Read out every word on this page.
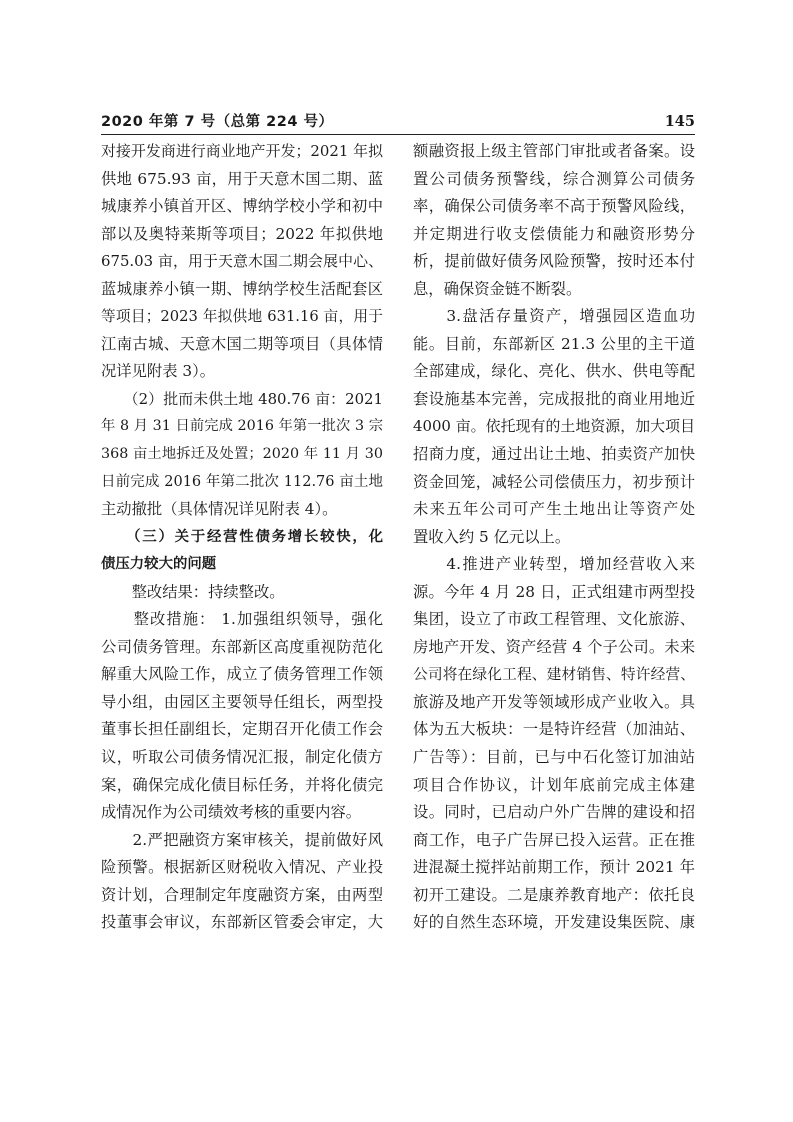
2020 年第 7 号（总第 224 号）	145

对接开发商进行商业地产开发；2021 年拟

供地 675.93 亩，用于天意木国二期、蓝

城康养小镇首开区、博纳学校小学和初中

部以及奥特莱斯等项目；2022 年拟供地

675.03 亩，用于天意木国二期会展中心、

蓝城康养小镇一期、博纳学校生活配套区

等项目；2023 年拟供地 631.16 亩，用于

江南古城、天意木国二期等项目（具体情

况详见附表 3）。

　　（2）批而未供土地 480.76 亩：2021

年 8 月 31 日前完成 2016 年第一批次 3 宗

368 亩土地拆迁及处置；2020 年 11 月 30

日前完成 2016 年第二批次 112.76 亩土地

主动撤批（具体情况详见附表 4）。

　　（三）关于经营性债务增长较快，化

债压力较大的问题

　　整改结果：持续整改。

　　整改措施： 1.加强组织领导，强化

公司债务管理。东部新区高度重视防范化

解重大风险工作，成立了债务管理工作领

导小组，由园区主要领导任组长，两型投

董事长担任副组长，定期召开化债工作会

议，听取公司债务情况汇报，制定化债方

案，确保完成化债目标任务，并将化债完

成情况作为公司绩效考核的重要内容。

　　2.严把融资方案审核关，提前做好风

险预警。根据新区财税收入情况、产业投

资计划，合理制定年度融资方案，由两型

投董事会审议，东部新区管委会审定，大

额融资报上级主管部门审批或者备案。设

置公司债务预警线，综合测算公司债务

率，确保公司债务率不高于预警风险线，

并定期进行收支偿债能力和融资形势分

析，提前做好债务风险预警，按时还本付

息，确保资金链不断裂。

　　3.盘活存量资产，增强园区造血功

能。目前，东部新区 21.3 公里的主干道

全部建成，绿化、亮化、供水、供电等配

套设施基本完善，完成报批的商业用地近

4000 亩。依托现有的土地资源，加大项目

招商力度，通过出让土地、拍卖资产加快

资金回笼，减轻公司偿债压力，初步预计

未来五年公司可产生土地出让等资产处

置收入约 5 亿元以上。

　　4.推进产业转型，增加经营收入来

源。今年 4 月 28 日，正式组建市两型投

集团，设立了市政工程管理、文化旅游、

房地产开发、资产经营 4 个子公司。未来

公司将在绿化工程、建材销售、特许经营、

旅游及地产开发等领域形成产业收入。具

体为五大板块：一是特许经营（加油站、

广告等）：目前，已与中石化签订加油站

项目合作协议，计划年底前完成主体建

设。同时，已启动户外广告牌的建设和招

商工作，电子广告屏已投入运营。正在推

进混凝土搅拌站前期工作，预计 2021 年

初开工建设。二是康养教育地产：依托良

好的自然生态环境，开发建设集医院、康
